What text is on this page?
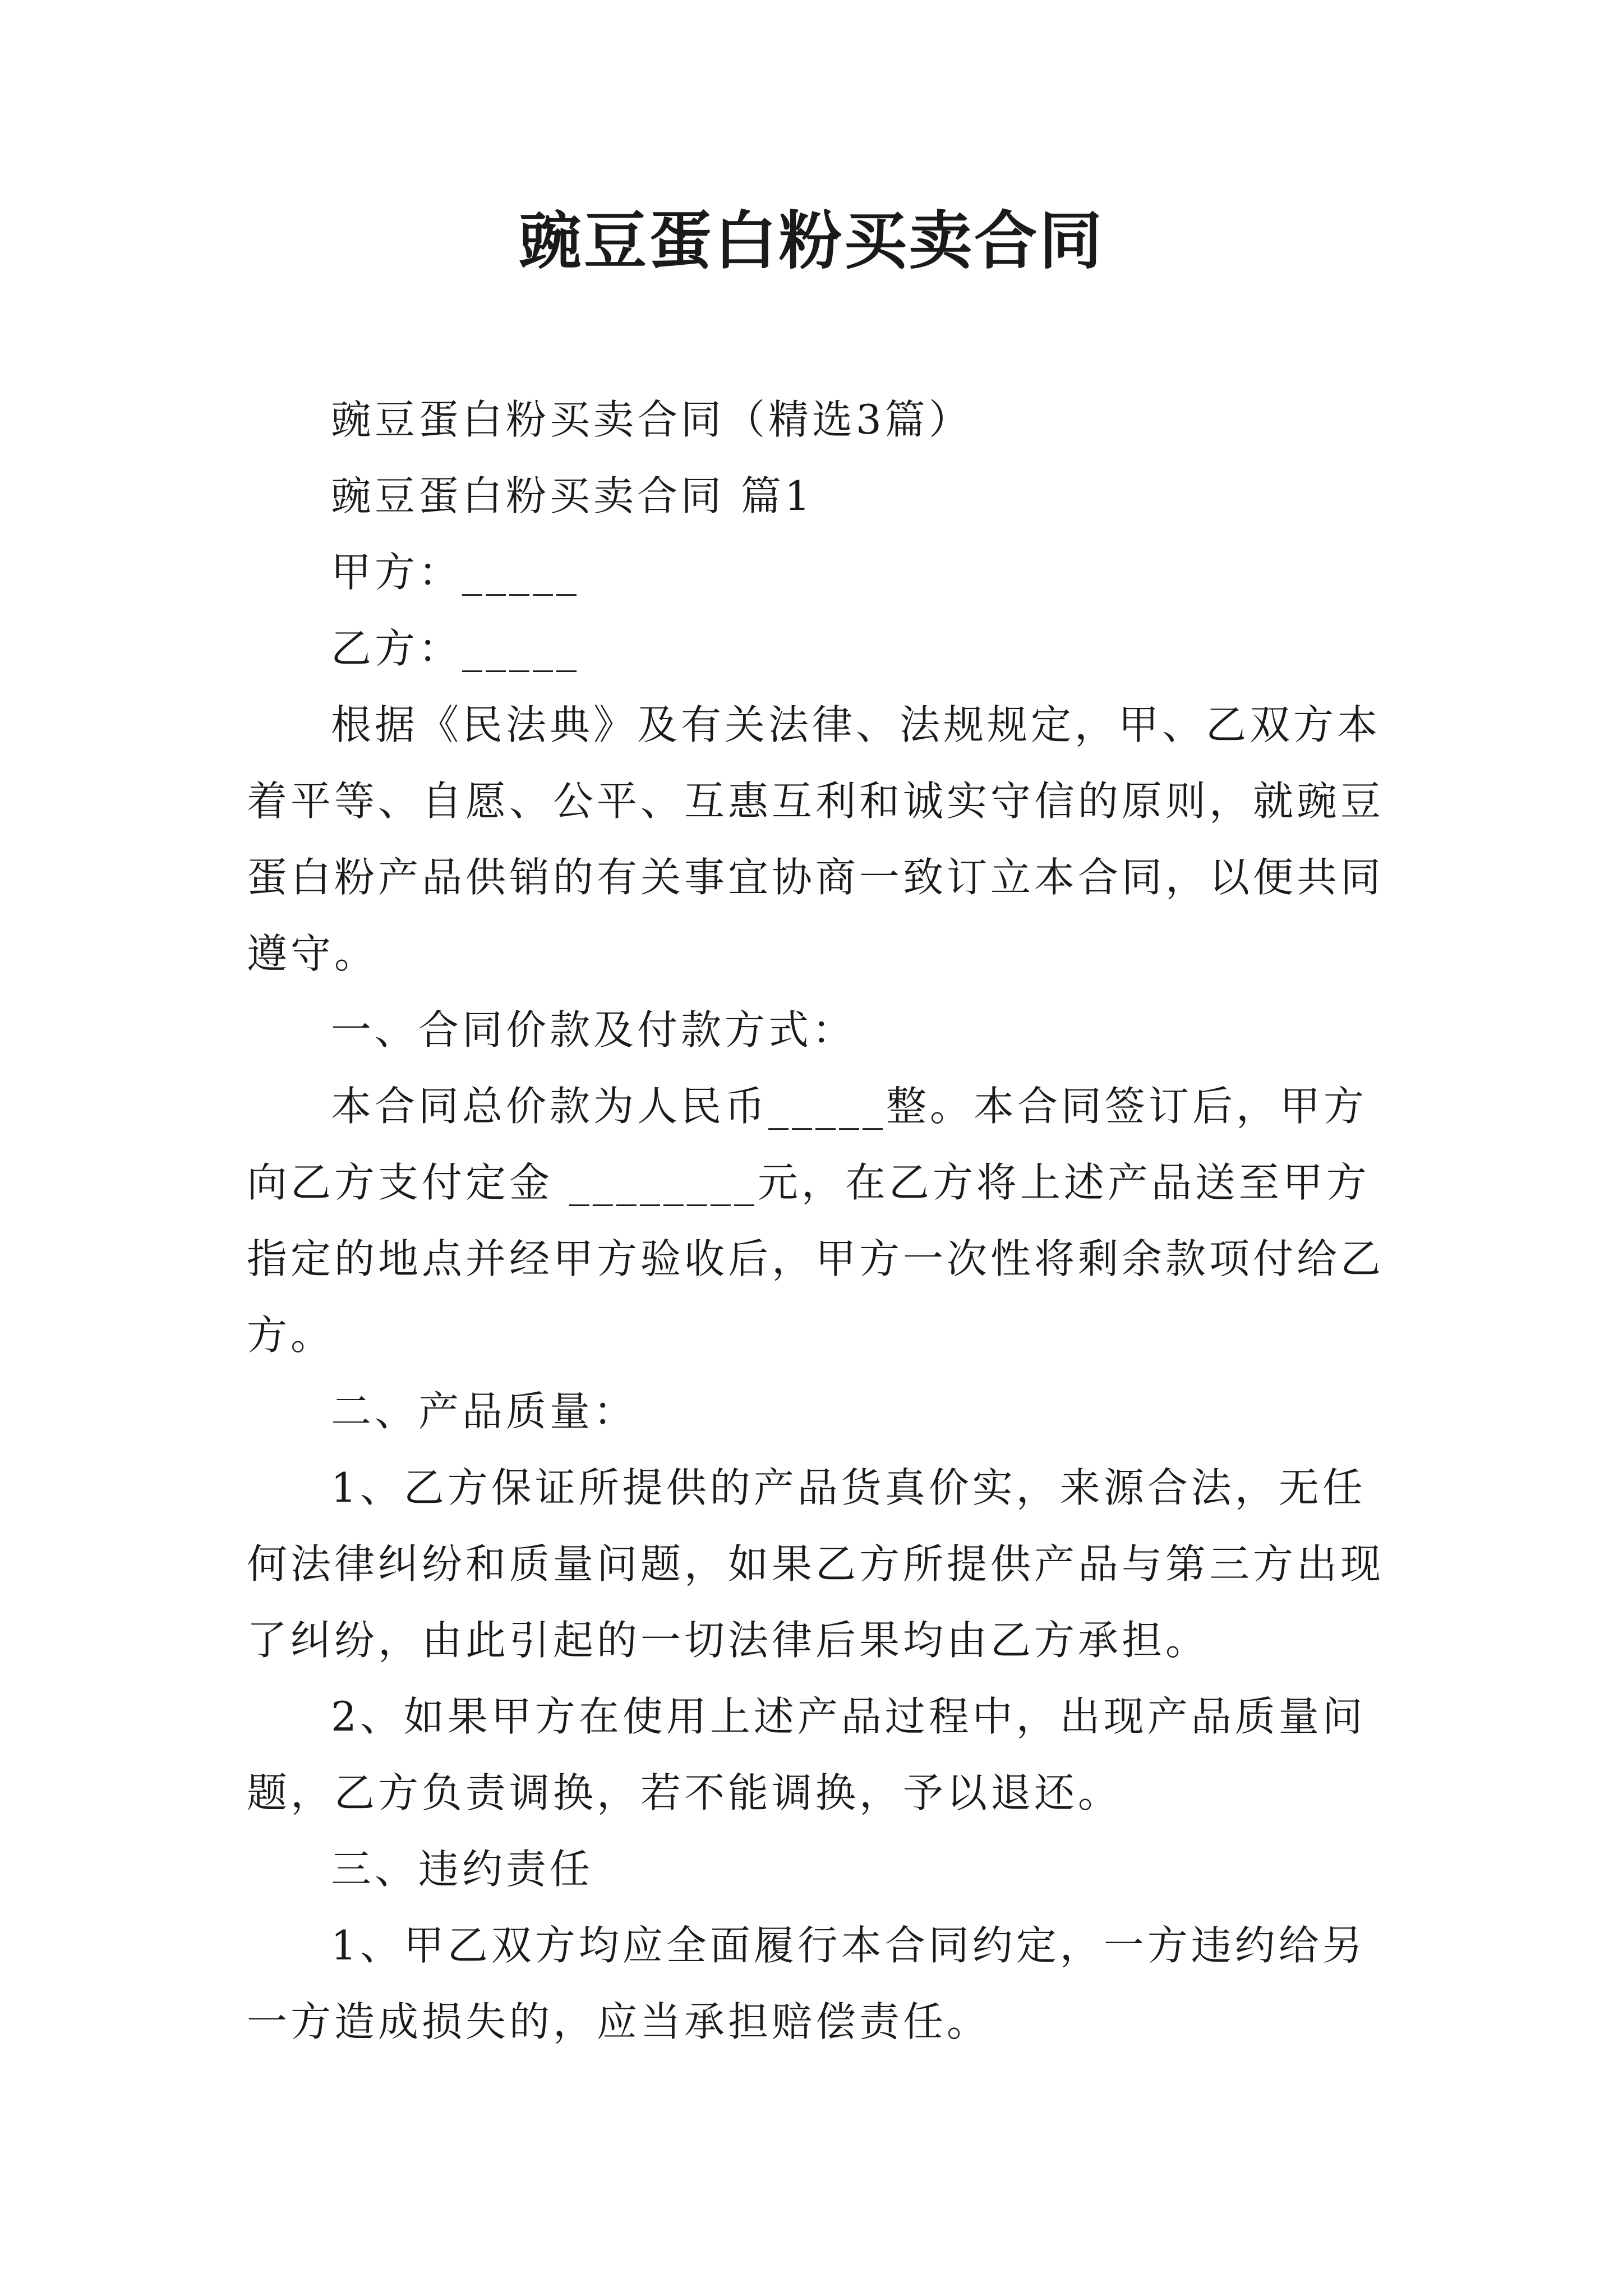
豌豆蛋白粉买卖合同
豌豆蛋白粉买卖合同（精选3篇）
豌豆蛋白粉买卖合同 篇1
甲方：_____
乙方：_____
根据《民法典》及有关法律、法规规定，甲、乙双方本
着平等、自愿、公平、互惠互利和诚实守信的原则，就豌豆
蛋白粉产品供销的有关事宜协商一致订立本合同，以便共同
遵守。
一、合同价款及付款方式：
本合同总价款为人民币_____整。本合同签订后，甲方
向乙方支付定金 ________元，在乙方将上述产品送至甲方
指定的地点并经甲方验收后，甲方一次性将剩余款项付给乙
方。
二、产品质量：
1、乙方保证所提供的产品货真价实，来源合法，无任
何法律纠纷和质量问题，如果乙方所提供产品与第三方出现
了纠纷，由此引起的一切法律后果均由乙方承担。
2、如果甲方在使用上述产品过程中，出现产品质量问
题，乙方负责调换，若不能调换，予以退还。
三、违约责任
1、甲乙双方均应全面履行本合同约定，一方违约给另
一方造成损失的，应当承担赔偿责任。
